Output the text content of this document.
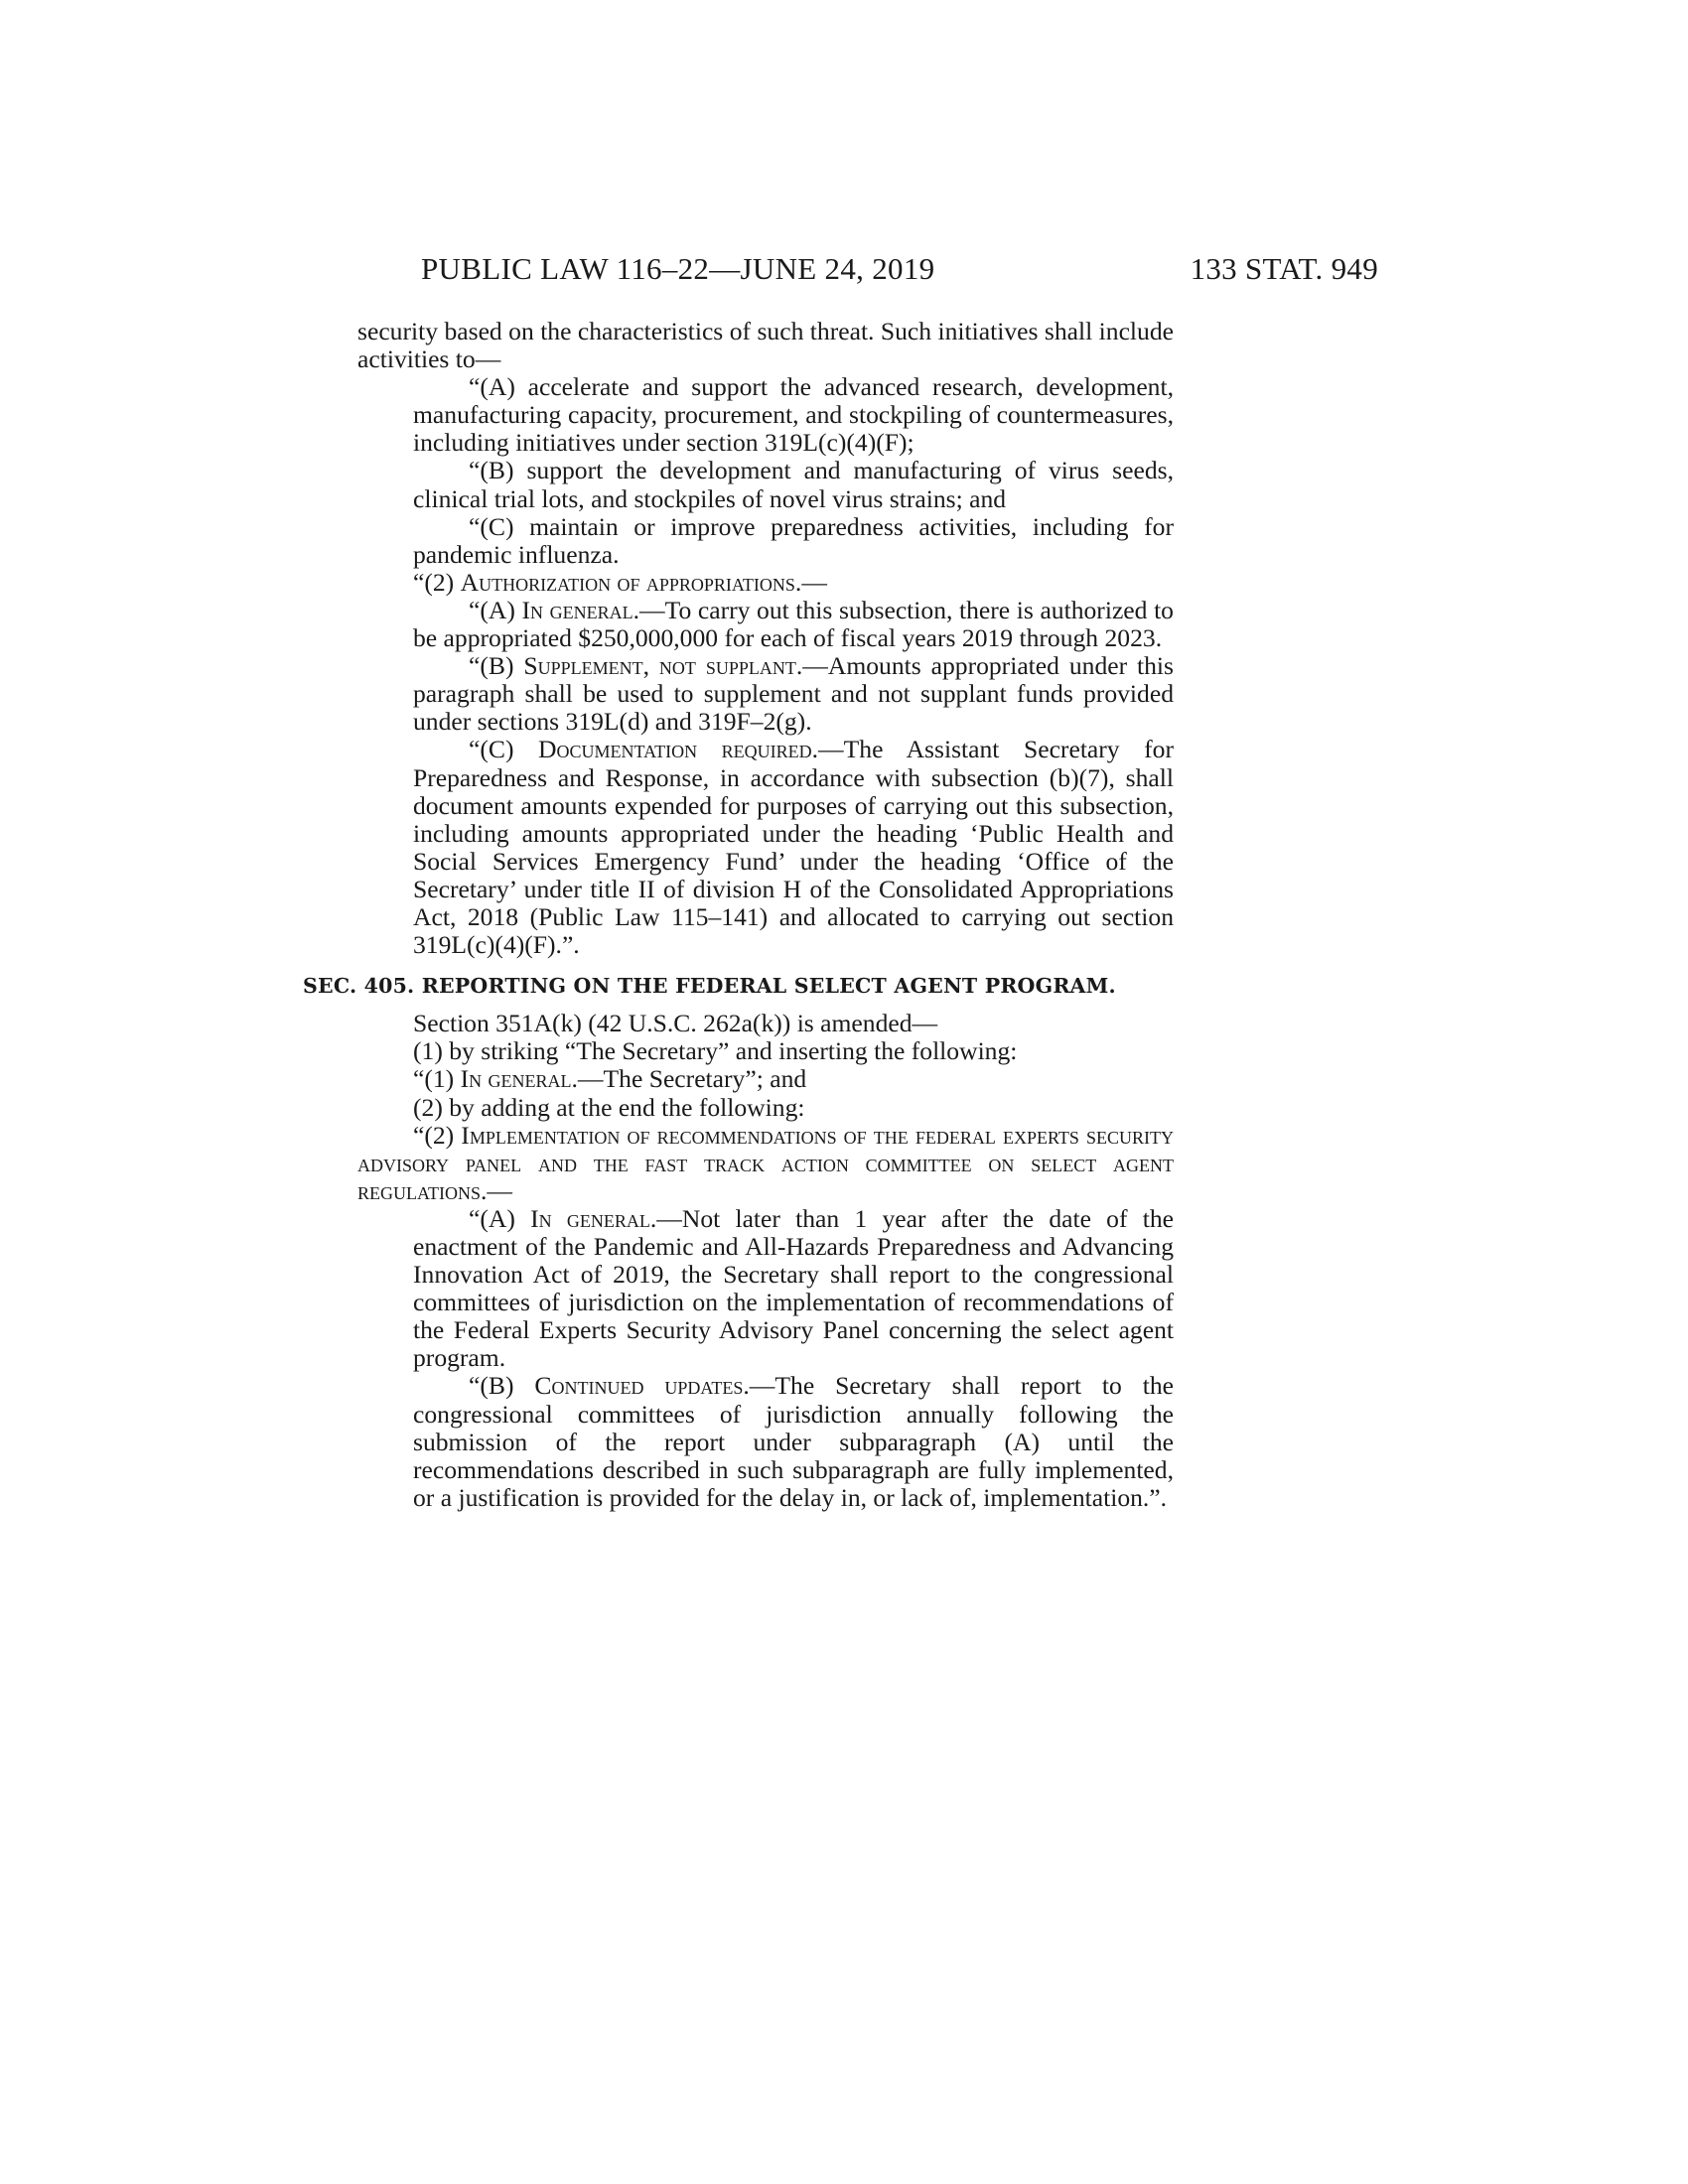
PUBLIC LAW 116–22—JUNE 24, 2019	133 STAT. 949

security based on the characteristics of such threat. Such initiatives shall include activities to—

“(A) accelerate and support the advanced research, development, manufacturing capacity, procurement, and stockpiling of countermeasures, including initiatives under section 319L(c)(4)(F);

“(B) support the development and manufacturing of virus seeds, clinical trial lots, and stockpiles of novel virus strains; and

“(C) maintain or improve preparedness activities, including for pandemic influenza.

“(2) Authorization of appropriations.—

“(A) In general.—To carry out this subsection, there is authorized to be appropriated $250,000,000 for each of fiscal years 2019 through 2023.

“(B) Supplement, not supplant.—Amounts appropriated under this paragraph shall be used to supplement and not supplant funds provided under sections 319L(d) and 319F–2(g).

“(C) Documentation required.—The Assistant Secretary for Preparedness and Response, in accordance with subsection (b)(7), shall document amounts expended for purposes of carrying out this subsection, including amounts appropriated under the heading ‘Public Health and Social Services Emergency Fund’ under the heading ‘Office of the Secretary’ under title II of division H of the Consolidated Appropriations Act, 2018 (Public Law 115–141) and allocated to carrying out section 319L(c)(4)(F).”.

SEC. 405. REPORTING ON THE FEDERAL SELECT AGENT PROGRAM.

Section 351A(k) (42 U.S.C. 262a(k)) is amended—

(1) by striking “The Secretary” and inserting the following:

“(1) In general.—The Secretary”; and

(2) by adding at the end the following:

“(2) Implementation of recommendations of the federal experts security advisory panel and the fast track action committee on select agent regulations.—

“(A) In general.—Not later than 1 year after the date of the enactment of the Pandemic and All-Hazards Preparedness and Advancing Innovation Act of 2019, the Secretary shall report to the congressional committees of jurisdiction on the implementation of recommendations of the Federal Experts Security Advisory Panel concerning the select agent program.

“(B) Continued updates.—The Secretary shall report to the congressional committees of jurisdiction annually following the submission of the report under subparagraph (A) until the recommendations described in such subparagraph are fully implemented, or a justification is provided for the delay in, or lack of, implementation.”.
